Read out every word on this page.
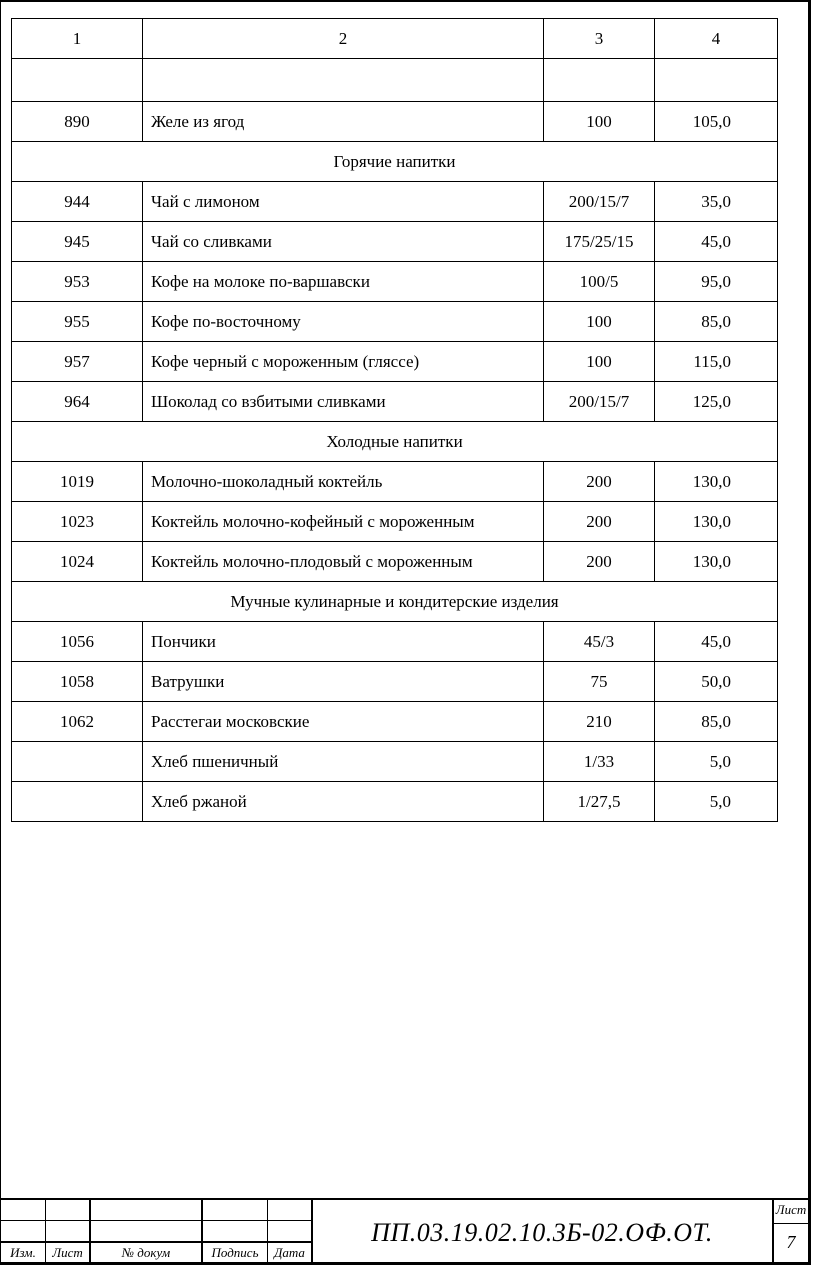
1	2	3	4

890	Желе из ягод	100	105,0
Горячие напитки			
944	Чай с лимоном	200/15/7	35,0
945	Чай со сливками	175/25/15	45,0
953	Кофе на молоке по-варшавски	100/5	95,0
955	Кофе по-восточному	100	85,0
957	Кофе черный с мороженным (гляссе)	100	115,0
964	Шоколад со взбитыми сливками	200/15/7	125,0
Холодные напитки			
1019	Молочно-шоколадный коктейль	200	130,0
1023	Коктейль молочно-кофейный с мороженным	200	130,0
1024	Коктейль молочно-плодовый с мороженным	200	130,0
Мучные кулинарные и кондитерские изделия			
1056	Пончики	45/3	45,0
1058	Ватрушки	75	50,0
1062	Расстегаи московские	210	85,0
	Хлеб пшеничный	1/33	5,0
	Хлеб ржаной	1/27,5	5,0
Изм.	Лист	№ докум	Подпись	Дата
ПП.03.19.02.10.3Б-02.ОФ.ОТ.
Лист
7
